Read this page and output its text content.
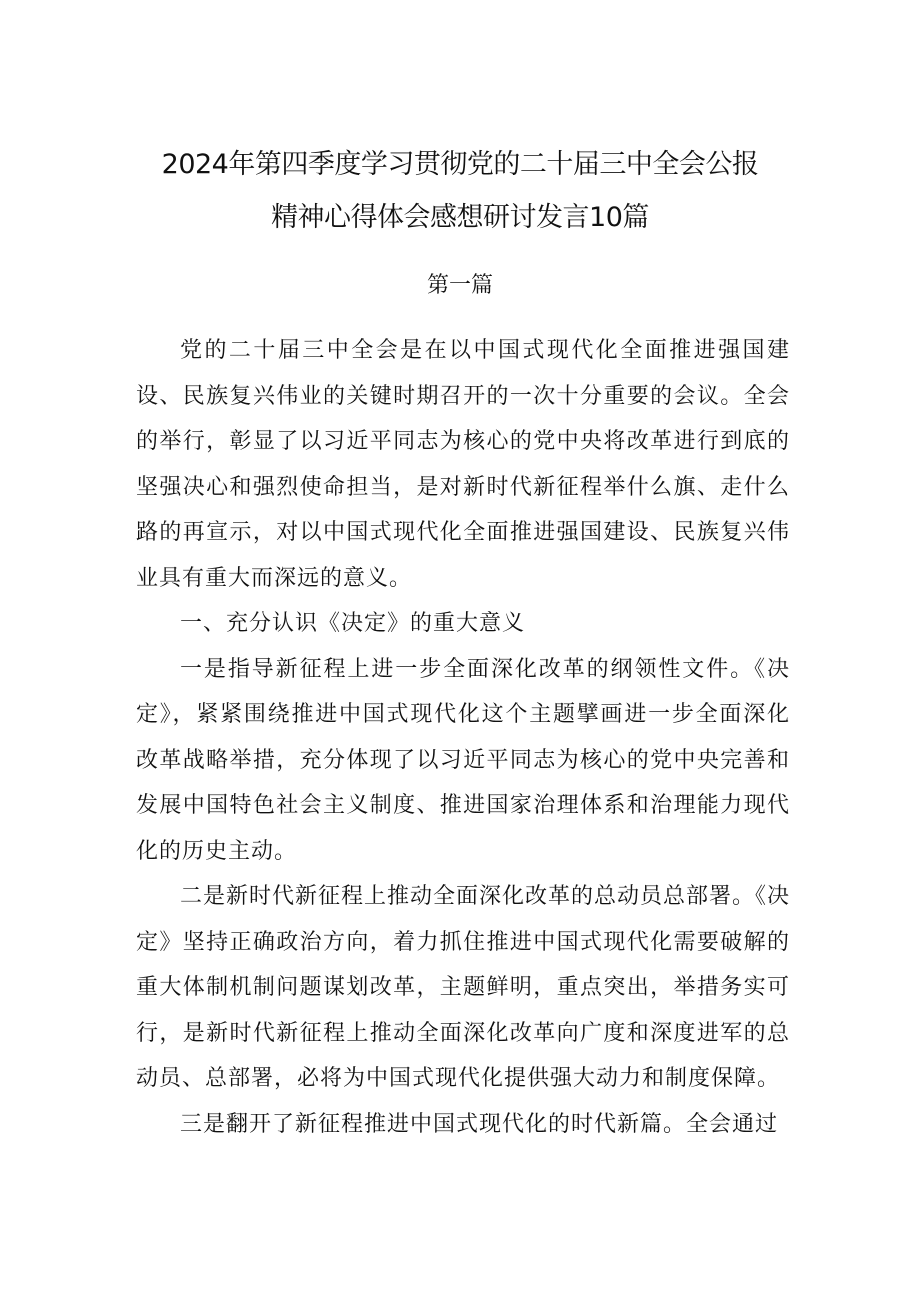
2024年第四季度学习贯彻党的二十届三中全会公报
精神心得体会感想研讨发言10篇
第一篇

党的二十届三中全会是在以中国式现代化全面推进强国建设、民族复兴伟业的关键时期召开的一次十分重要的会议。全会的举行，彰显了以习近平同志为核心的党中央将改革进行到底的坚强决心和强烈使命担当，是对新时代新征程举什么旗、走什么路的再宣示，对以中国式现代化全面推进强国建设、民族复兴伟业具有重大而深远的意义。

一、充分认识《决定》的重大意义

一是指导新征程上进一步全面深化改革的纲领性文件。《决定》，紧紧围绕推进中国式现代化这个主题擘画进一步全面深化改革战略举措，充分体现了以习近平同志为核心的党中央完善和发展中国特色社会主义制度、推进国家治理体系和治理能力现代化的历史主动。

二是新时代新征程上推动全面深化改革的总动员总部署。《决定》坚持正确政治方向，着力抓住推进中国式现代化需要破解的重大体制机制问题谋划改革，主题鲜明，重点突出，举措务实可行，是新时代新征程上推动全面深化改革向广度和深度进军的总动员、总部署，必将为中国式现代化提供强大动力和制度保障。

三是翻开了新征程推进中国式现代化的时代新篇。全会通过
